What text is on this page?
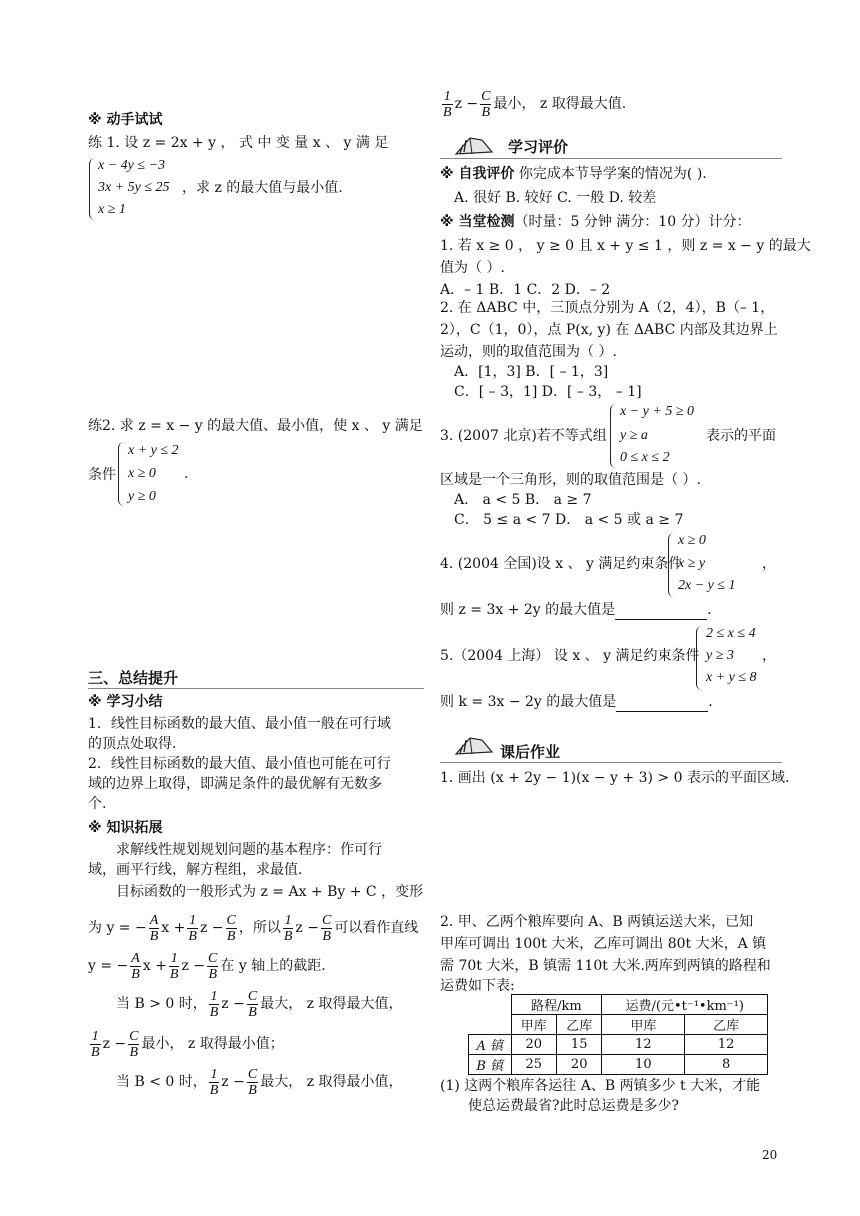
※ 动手试试
练 1. 设 z = 2x + y ， 式 中 变 量 x 、 y 满 足
x − 4y ≤ −3
3x + 5y ≤ 25 ，求 z 的最大值与最小值.
x ≥ 1
练2. 求 z = x − y 的最大值、最小值，使 x 、 y 满足
条件
x + y ≤ 2
x ≥ 0 .
y ≥ 0
三、总结提升
※ 学习小结
1．线性目标函数的最大值、最小值一般在可行域
的顶点处取得.
2．线性目标函数的最大值、最小值也可能在可行
域的边界上取得，即满足条件的最优解有无数多
个.
※ 知识拓展
求解线性规划规划问题的基本程序：作可行
域，画平行线，解方程组，求最值.
目标函数的一般形式为 z = Ax + By + C ，变形
为 y = − $\frac{A}{B}$ $x + \frac{1}{B}$ $z - \frac{C}{B}$ ，所以 $\frac{1}{B}$ $z - \frac{C}{B}$ 可以看作直线
y = − $\frac{A}{B}$ $x + \frac{1}{B}$ $z - \frac{C}{B}$ 在 y 轴上的截距.
当 B > 0 时， $\frac{1}{B}$ $z - \frac{C}{B}$ 最大， z 取得最大值，
$\frac{1}{B}$ $z - \frac{C}{B}$ 最小， z 取得最小值；
当 B < 0 时， $\frac{1}{B}$ $z - \frac{C}{B}$ 最大， z 取得最小值，
$\frac{1}{B}$ $z - \frac{C}{B}$ 最小， z 取得最大值.
学习评价
※ 自我评价 你完成本节导学案的情况为( ).
A. 很好 B. 较好 C. 一般 D. 较差
※ 当堂检测（时量：5 分钟 满分：10 分）计分：
1. 若 x ≥ 0 ， y ≥ 0 且 x + y ≤ 1 ，则 z = x − y 的最大
值为（ ）.
A．– 1 B．1 C．2 D．– 2
2. 在 ΔABC 中，三顶点分别为 A（2，4），B（– 1，
2），C（1，0），点 P(x, y) 在 ΔABC 内部及其边界上
运动，则的取值范围为（ ）.
A．[1，3] B．[ – 1，3]
C．[ – 3，1] D．[ – 3， – 1]
x − y + 5 ≥ 0
3. (2007 北京)若不等式组 y ≥ a	表示的平面
0 ≤ x ≤ 2
区域是一个三角形，则的取值范围是（ ）.
A． a < 5 B． a ≥ 7
C． 5 ≤ a < 7 D． a < 5 或 a ≥ 7
x ≥ 0
4. (2004 全国)设 x 、 y 满足约束条件
x ≥ y	，
2x − y ≤ 1
则 z = 3x + 2y 的最大值是	.
2 ≤ x ≤ 4
5.（2004 上海） 设 x 、 y 满足约束条件 y ≥ 3 ，
x + y ≤ 8
则 k = 3x − 2y 的最大值是	.
课后作业
1. 画出 (x + 2y − 1)(x − y + 3) > 0 表示的平面区域.
2. 甲、乙两个粮库要向 A、B 两镇运送大米，已知
甲库可调出 100t 大米，乙库可调出 80t 大米，A 镇
需 70t 大米，B 镇需 110t 大米.两库到两镇的路程和
运费如下表:
	路程/km		运费/(元•t⁻¹•km⁻¹)	
	甲库	乙库	甲库	乙库
A 镇	20	15	12	12
B 镇	25	20	10	8
(1) 这两个粮库各运往 A、B 两镇多少 t 大米，才能
使总运费最省?此时总运费是多少?
20
